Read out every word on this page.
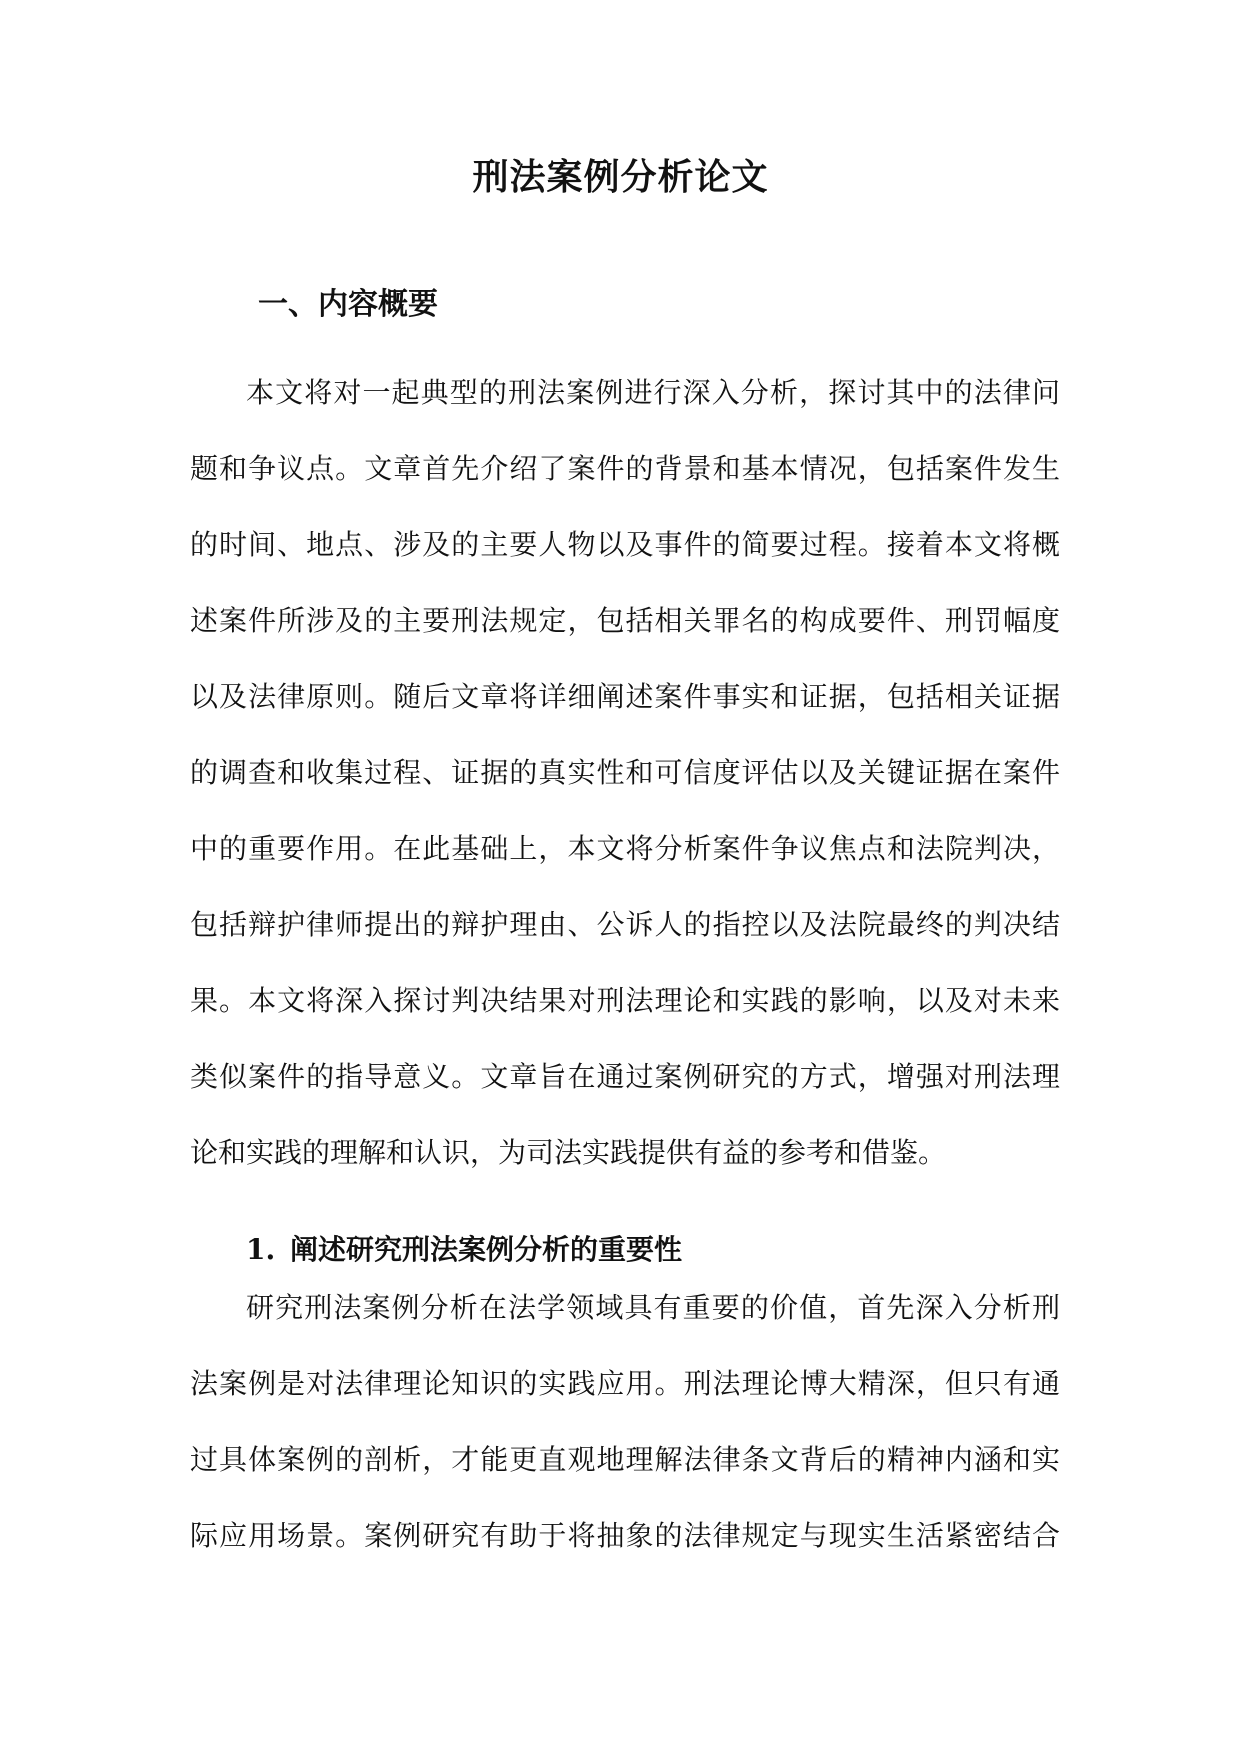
刑法案例分析论文
一、内容概要
本文将对一起典型的刑法案例进行深入分析，探讨其中的法律问
题和争议点。文章首先介绍了案件的背景和基本情况，包括案件发生
的时间、地点、涉及的主要人物以及事件的简要过程。接着本文将概
述案件所涉及的主要刑法规定，包括相关罪名的构成要件、刑罚幅度
以及法律原则。随后文章将详细阐述案件事实和证据，包括相关证据
的调查和收集过程、证据的真实性和可信度评估以及关键证据在案件
中的重要作用。在此基础上，本文将分析案件争议焦点和法院判决，
包括辩护律师提出的辩护理由、公诉人的指控以及法院最终的判决结
果。本文将深入探讨判决结果对刑法理论和实践的影响，以及对未来
类似案件的指导意义。文章旨在通过案例研究的方式，增强对刑法理
论和实践的理解和认识，为司法实践提供有益的参考和借鉴。
1. 阐述研究刑法案例分析的重要性
研究刑法案例分析在法学领域具有重要的价值，首先深入分析刑
法案例是对法律理论知识的实践应用。刑法理论博大精深，但只有通
过具体案例的剖析，才能更直观地理解法律条文背后的精神内涵和实
际应用场景。案例研究有助于将抽象的法律规定与现实生活紧密结合
